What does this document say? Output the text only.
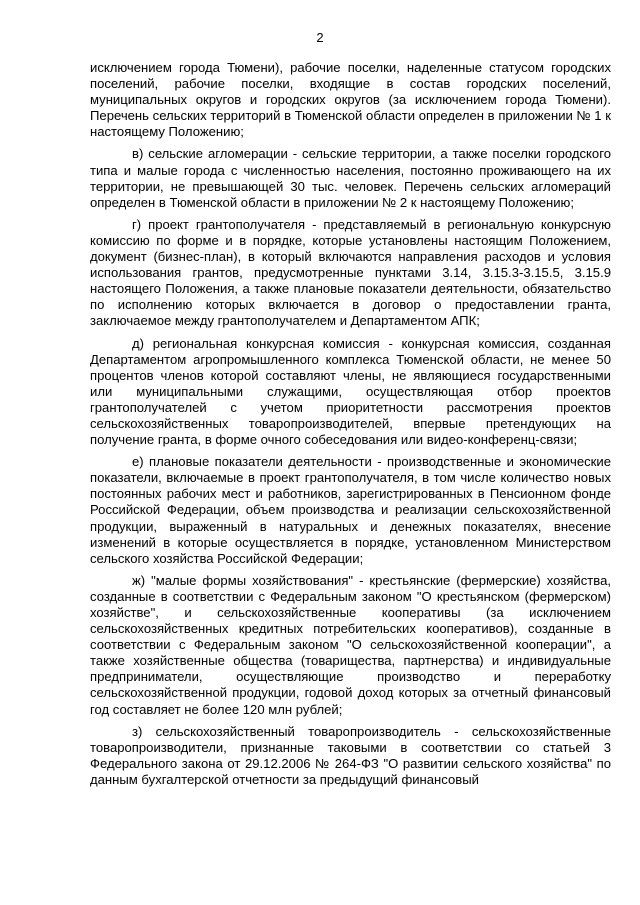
2

исключением города Тюмени), рабочие поселки, наделенные статусом городских поселений, рабочие поселки, входящие в состав городских поселений, муниципальных округов и городских округов (за исключением города Тюмени). Перечень сельских территорий в Тюменской области определен в приложении № 1 к настоящему Положению;

в) сельские агломерации - сельские территории, а также поселки городского типа и малые города с численностью населения, постоянно проживающего на их территории, не превышающей 30 тыс. человек. Перечень сельских агломераций определен в Тюменской области в приложении № 2 к настоящему Положению;

г) проект грантополучателя - представляемый в региональную конкурсную комиссию по форме и в порядке, которые установлены настоящим Положением, документ (бизнес-план), в который включаются направления расходов и условия использования грантов, предусмотренные пунктами 3.14, 3.15.3-3.15.5, 3.15.9 настоящего Положения, а также плановые показатели деятельности, обязательство по исполнению которых включается в договор о предоставлении гранта, заключаемое между грантополучателем и Департаментом АПК;

д) региональная конкурсная комиссия - конкурсная комиссия, созданная Департаментом агропромышленного комплекса Тюменской области, не менее 50 процентов членов которой составляют члены, не являющиеся государственными или муниципальными служащими, осуществляющая отбор проектов грантополучателей с учетом приоритетности рассмотрения проектов сельскохозяйственных товаропроизводителей, впервые претендующих на получение гранта, в форме очного собеседования или видео-конференц-связи;

е) плановые показатели деятельности - производственные и экономические показатели, включаемые в проект грантополучателя, в том числе количество новых постоянных рабочих мест и работников, зарегистрированных в Пенсионном фонде Российской Федерации, объем производства и реализации сельскохозяйственной продукции, выраженный в натуральных и денежных показателях, внесение изменений в которые осуществляется в порядке, установленном Министерством сельского хозяйства Российской Федерации;

ж) "малые формы хозяйствования" - крестьянские (фермерские) хозяйства, созданные в соответствии с Федеральным законом "О крестьянском (фермерском) хозяйстве", и сельскохозяйственные кооперативы (за исключением сельскохозяйственных кредитных потребительских кооперативов), созданные в соответствии с Федеральным законом "О сельскохозяйственной кооперации", а также хозяйственные общества (товарищества, партнерства) и индивидуальные предприниматели, осуществляющие производство и переработку сельскохозяйственной продукции, годовой доход которых за отчетный финансовый год составляет не более 120 млн рублей;

з) сельскохозяйственный товаропроизводитель - сельскохозяйственные товаропроизводители, признанные таковыми в соответствии со статьей 3 Федерального закона от 29.12.2006 № 264-ФЗ "О развитии сельского хозяйства" по данным бухгалтерской отчетности за предыдущий финансовый
